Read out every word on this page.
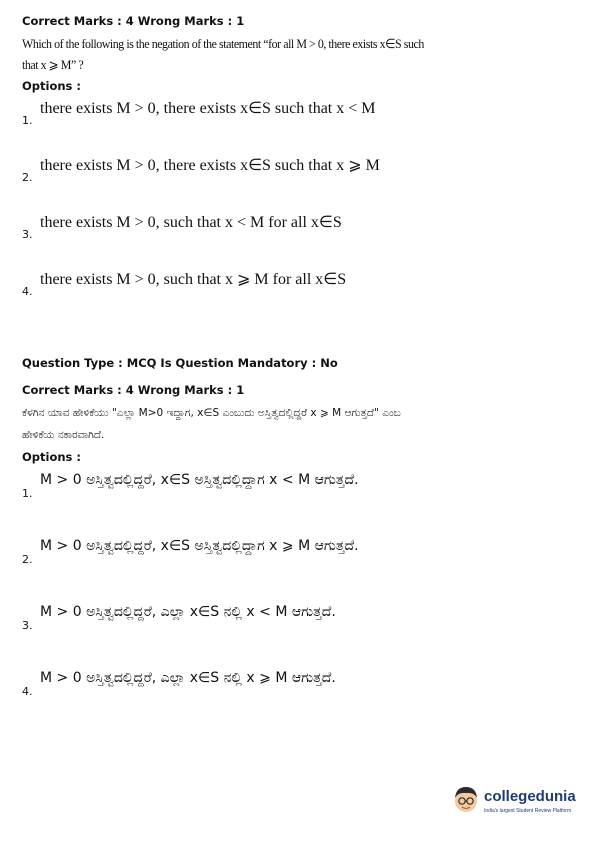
Correct Marks : 4 Wrong Marks : 1

Which of the following is the negation of the statement “for all M > 0, there exists x∈S such
that x ⩾ M” ?

Options :

1.
there exists M > 0, there exists x∈S such that x < M
2.
there exists M > 0, there exists x∈S such that x ⩾ M
3.
there exists M > 0, such that x < M for all x∈S
4.
there exists M > 0, such that x ⩾ M for all x∈S

Question Type : MCQ Is Question Mandatory : No

Correct Marks : 4 Wrong Marks : 1

ಕೆಳಗಿನ ಯಾವ ಹೇಳಿಕೆಯು "ಎಲ್ಲಾ M>0 ಇದ್ದಾಗ, x∈S ಎಂಬುದು ಅಸ್ತಿತ್ವದಲ್ಲಿದ್ದರೆ x ⩾ M ಆಗುತ್ತದೆ" ಎಂಬ
ಹೇಳಿಕೆಯ ನಕಾರವಾಗಿದೆ.

Options :

1.
M > 0 ಅಸ್ತಿತ್ವದಲ್ಲಿದ್ದರೆ, x∈S ಅಸ್ತಿತ್ವದಲ್ಲಿದ್ದಾಗ x < M ಆಗುತ್ತದೆ.
2.
M > 0 ಅಸ್ತಿತ್ವದಲ್ಲಿದ್ದರೆ, x∈S ಅಸ್ತಿತ್ವದಲ್ಲಿದ್ದಾಗ x ⩾ M ಆಗುತ್ತದೆ.
3.
M > 0 ಅಸ್ತಿತ್ವದಲ್ಲಿದ್ದರೆ, ಎಲ್ಲಾ x∈S ನಲ್ಲಿ x < M ಆಗುತ್ತದೆ.
4.
M > 0 ಅಸ್ತಿತ್ವದಲ್ಲಿದ್ದರೆ, ಎಲ್ಲಾ x∈S ನಲ್ಲಿ x ⩾ M ಆಗುತ್ತದೆ.
collegedunia
India's largest Student Review Platform
